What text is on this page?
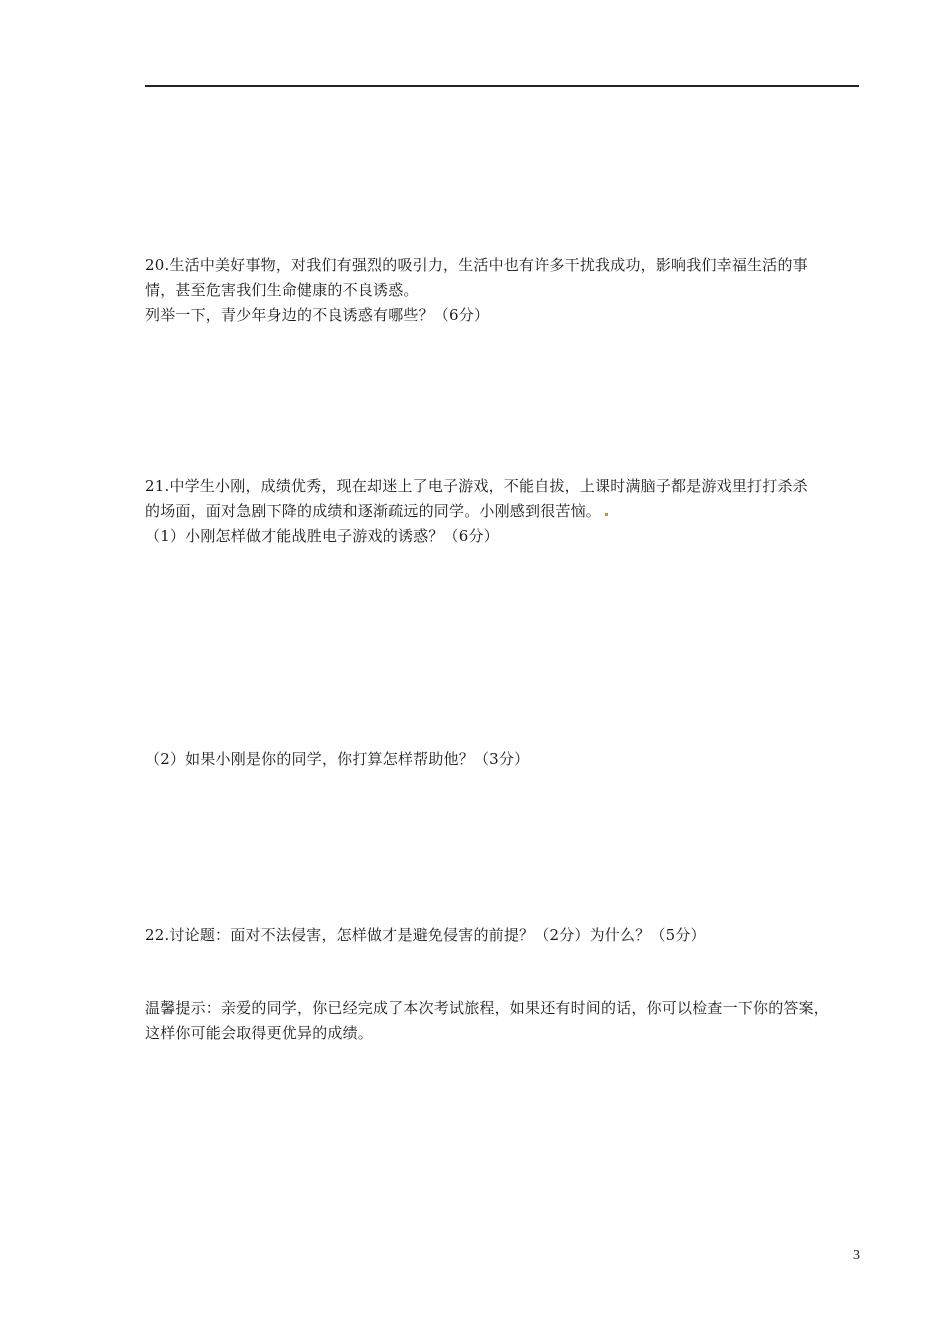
20.生活中美好事物，对我们有强烈的吸引力，生活中也有许多干扰我成功，影响我们幸福生活的事
情，甚至危害我们生命健康的不良诱惑。
列举一下，青少年身边的不良诱惑有哪些？（6分）
21.中学生小刚，成绩优秀，现在却迷上了电子游戏，不能自拔，上课时满脑子都是游戏里打打杀杀
的场面，面对急剧下降的成绩和逐渐疏远的同学。小刚感到很苦恼。
（1）小刚怎样做才能战胜电子游戏的诱惑？（6分）
（2）如果小刚是你的同学，你打算怎样帮助他？（3分）
22.讨论题：面对不法侵害，怎样做才是避免侵害的前提？（2分）为什么？（5分）
温馨提示：亲爱的同学，你已经完成了本次考试旅程，如果还有时间的话，你可以检查一下你的答案，
这样你可能会取得更优异的成绩。
3
